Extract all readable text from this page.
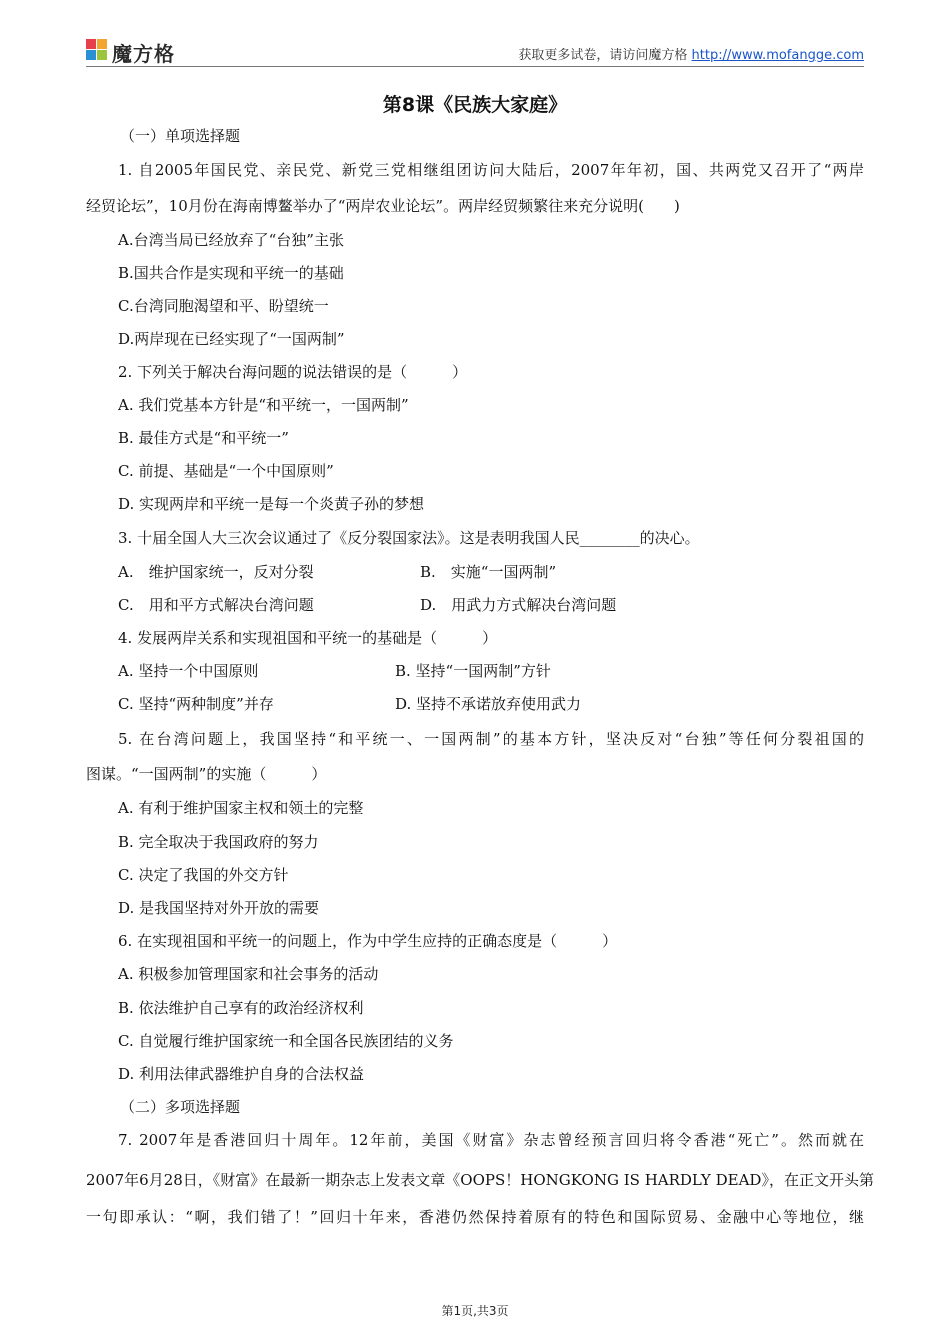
魔方格	获取更多试卷，请访问魔方格 http://www.mofangge.com
第8课《民族大家庭》
（一）单项选择题
1. 自2005年国民党、亲民党、新党三党相继组团访问大陆后，2007年年初，国、共两党又召开了“两岸
经贸论坛”，10月份在海南博鳌举办了“两岸农业论坛”。两岸经贸频繁往来充分说明(　　)
A.台湾当局已经放弃了“台独”主张
B.国共合作是实现和平统一的基础
C.台湾同胞渴望和平、盼望统一
D.两岸现在已经实现了“一国两制”
2. 下列关于解决台海问题的说法错误的是（　　　）
A. 我们党基本方针是“和平统一，一国两制”
B. 最佳方式是“和平统一”
C. 前提、基础是“一个中国原则”
D. 实现两岸和平统一是每一个炎黄子孙的梦想
3. 十届全国人大三次会议通过了《反分裂国家法》。这是表明我国人民________的决心。
A.　维护国家统一，反对分裂	B.　实施“一国两制”
C.　用和平方式解决台湾问题	D.　用武力方式解决台湾问题
4. 发展两岸关系和实现祖国和平统一的基础是（　　　）
A. 坚持一个中国原则	B. 坚持“一国两制”方针
C. 坚持“两种制度”并存	D. 坚持不承诺放弃使用武力
5. 在台湾问题上，我国坚持“和平统一、一国两制”的基本方针，坚决反对“台独”等任何分裂祖国的
图谋。“一国两制”的实施（　　　）
A. 有利于维护国家主权和领土的完整
B. 完全取决于我国政府的努力
C. 决定了我国的外交方针
D. 是我国坚持对外开放的需要
6. 在实现祖国和平统一的问题上，作为中学生应持的正确态度是（　　　）
A. 积极参加管理国家和社会事务的活动
B. 依法维护自己享有的政治经济权利
C. 自觉履行维护国家统一和全国各民族团结的义务
D. 利用法律武器维护自身的合法权益
（二）多项选择题
7. 2007年是香港回归十周年。12年前，美国《财富》杂志曾经预言回归将令香港“死亡”。然而就在
2007年6月28日，《财富》在最新一期杂志上发表文章《OOPS！HONGKONG IS HARDLY DEAD》，在正文开头第
一句即承认：“啊，我们错了！”回归十年来，香港仍然保持着原有的特色和国际贸易、金融中心等地位，继
第1页,共3页
